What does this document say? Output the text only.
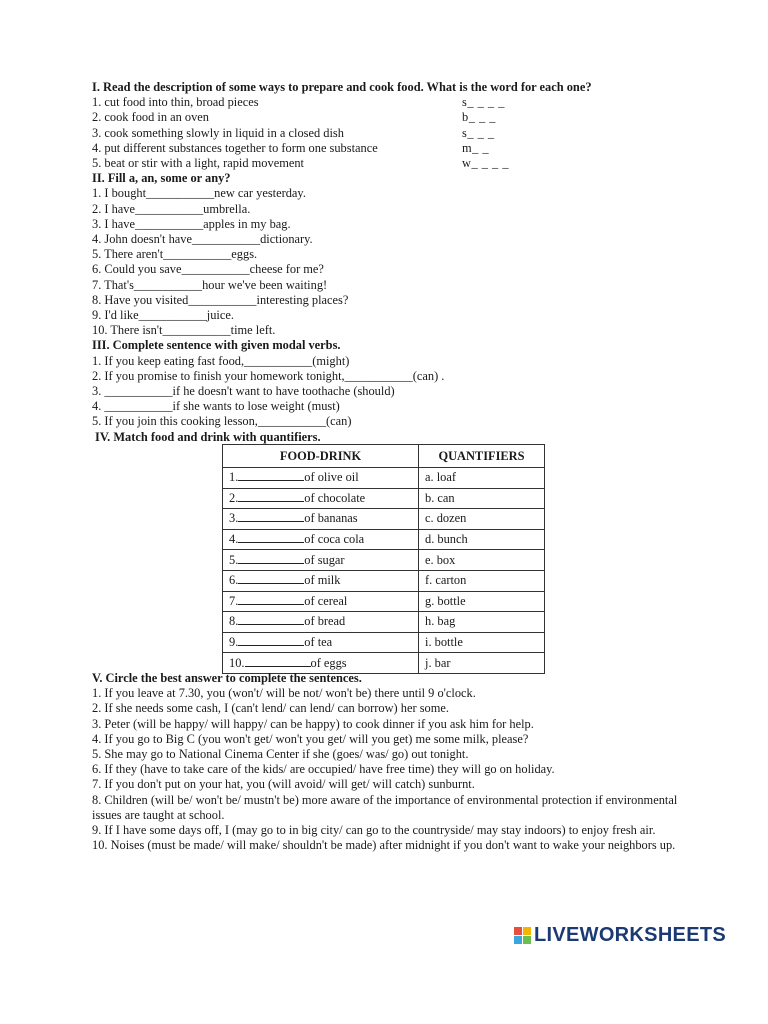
I. Read the description of some ways to prepare and cook food. What is the word for each one?
1. cut food into thin, broad pieces	s_ _ _ _
2. cook food in an oven	b_ _ _
3. cook something slowly in liquid in a closed dish	s_ _ _
4. put different substances together to form one substance	m_ _
5. beat or stir with a light, rapid movement	w_ _ _ _
II. Fill a, an, some or any?
1. I bought___________new car yesterday.
2. I have___________umbrella.
3. I have___________apples in my bag.
4. John doesn't have___________dictionary.
5. There aren't___________eggs.
6. Could you save___________cheese for me?
7. That's___________hour we've been waiting!
8. Have you visited___________interesting places?
9. I'd like___________juice.
10. There isn't___________time left.
III. Complete sentence with given modal verbs.
1. If you keep eating fast food,___________(might)
2. If you promise to finish your homework tonight,___________(can) .
3. ___________if he doesn't want to have toothache (should)
4. ___________if she wants to lose weight (must)
5. If you join this cooking lesson,___________(can)
IV. Match food and drink with quantifiers.
FOOD-DRINK	QUANTIFIERS
1. of olive oil	a. loaf
2. of chocolate	b. can
3. of bananas	c. dozen
4. of coca cola	d. bunch
5. of sugar	e. box
6. of milk	f. carton
7. of cereal	g. bottle
8. of bread	h. bag
9. of tea	i. bottle
10. of eggs	j. bar
V. Circle the best answer to complete the sentences.
1. If you leave at 7.30, you (won't/ will be not/ won't be) there until 9 o'clock.
2. If she needs some cash, I (can't lend/ can lend/ can borrow) her some.
3. Peter (will be happy/ will happy/ can be happy) to cook dinner if you ask him for help.
4. If you go to Big C (you won't get/ won't you get/ will you get) me some milk, please?
5. She may go to National Cinema Center if she (goes/ was/ go) out tonight.
6. If they (have to take care of the kids/ are occupied/ have free time) they will go on holiday.
7. If you don't put on your hat, you (will avoid/ will get/ will catch) sunburnt.
8. Children (will be/ won't be/ mustn't be) more aware of the importance of environmental protection if environmental issues are taught at school.
9. If I have some days off, I (may go to in big city/ can go to the countryside/ may stay indoors) to enjoy fresh air.
10. Noises (must be made/ will make/ shouldn't be made) after midnight if you don't want to wake your neighbors up.
LIVEWORKSHEETS
